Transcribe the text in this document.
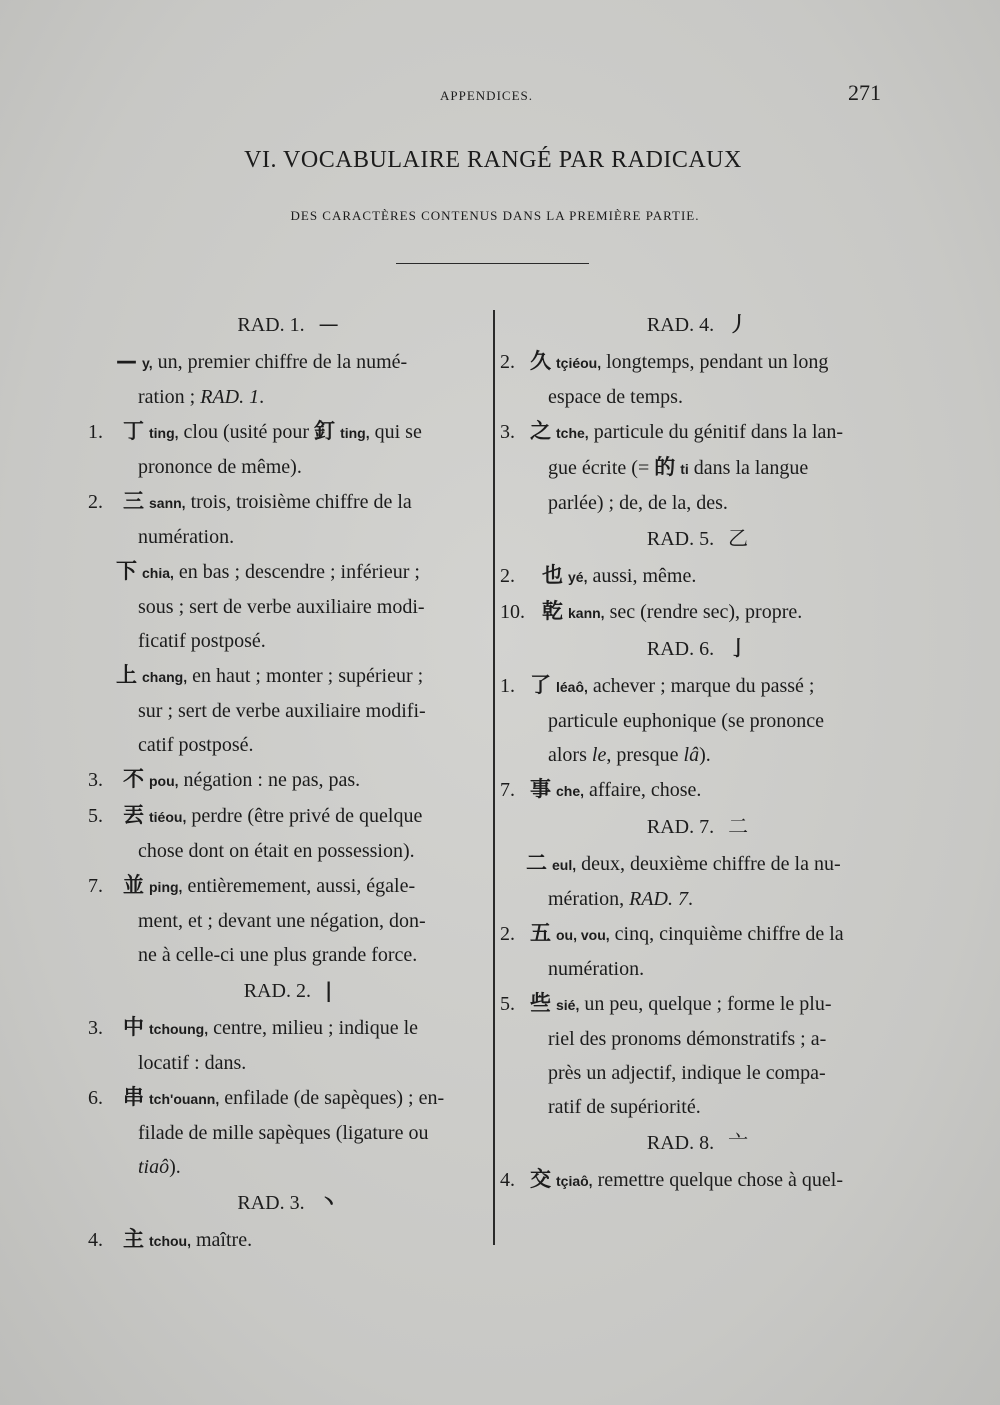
APPENDICES.	271
VI. VOCABULAIRE RANGÉ PAR RADICAUX
DES CARACTÈRES CONTENUS DANS LA PREMIÈRE PARTIE.
RAD. 1. —
— y, un, premier chiffre de la numé-
ration ; RAD. 1.
1. 丁 ting, clou (usité pour 釘 ting, qui se
prononce de même).
2. 三 sann, trois, troisième chiffre de la
numération.
下chia, en bas ; descendre ; inférieur ;
sous ; sert de verbe auxiliaire modi-
ficatif postposé.
上chang, en haut ; monter ; supérieur ;
sur ; sert de verbe auxiliaire modifi-
catif postposé.
3. 不 pou, négation : ne pas, pas.
5. 丟 tiéou, perdre (être privé de quelque
chose dont on était en possession).
7. 並 ping, entièremement, aussi, égale-
ment, et ; devant une négation, don-
ne à celle-ci une plus grande force.
RAD. 2. |
3. 中 tchoung, centre, milieu ; indique le
locatif : dans.
6. 串 tch'ouann, enfilade (de sapèques) ; en-
filade de mille sapèques (ligature ou
tiaô).
RAD. 3. 丶
4. 主 tchou, maître.
RAD. 4. 丿
2. 久 tçiéou, longtemps, pendant un long
espace de temps.
3. 之 tche, particule du génitif dans la lan-
gue écrite (= 的 ti dans la langue
parlée) ; de, de la, des.
RAD. 5. 乙
2. 也 yé, aussi, même.
10. 乾 kann, sec (rendre sec), propre.
RAD. 6. 亅
1. 了 léaô, achever ; marque du passé ;
particule euphonique (se prononce
alors le, presque lâ).
7. 事 che, affaire, chose.
RAD. 7. 二
二eul, deux, deuxième chiffre de la nu-
mération, RAD. 7.
2. 五 ou, vou, cinq, cinquième chiffre de la
numération.
5. 些 sié, un peu, quelque ; forme le plu-
riel des pronoms démonstratifs ; a-
près un adjectif, indique le compa-
ratif de supériorité.
RAD. 8. 亠
4. 交 tçiaô, remettre quelque chose à quel-
